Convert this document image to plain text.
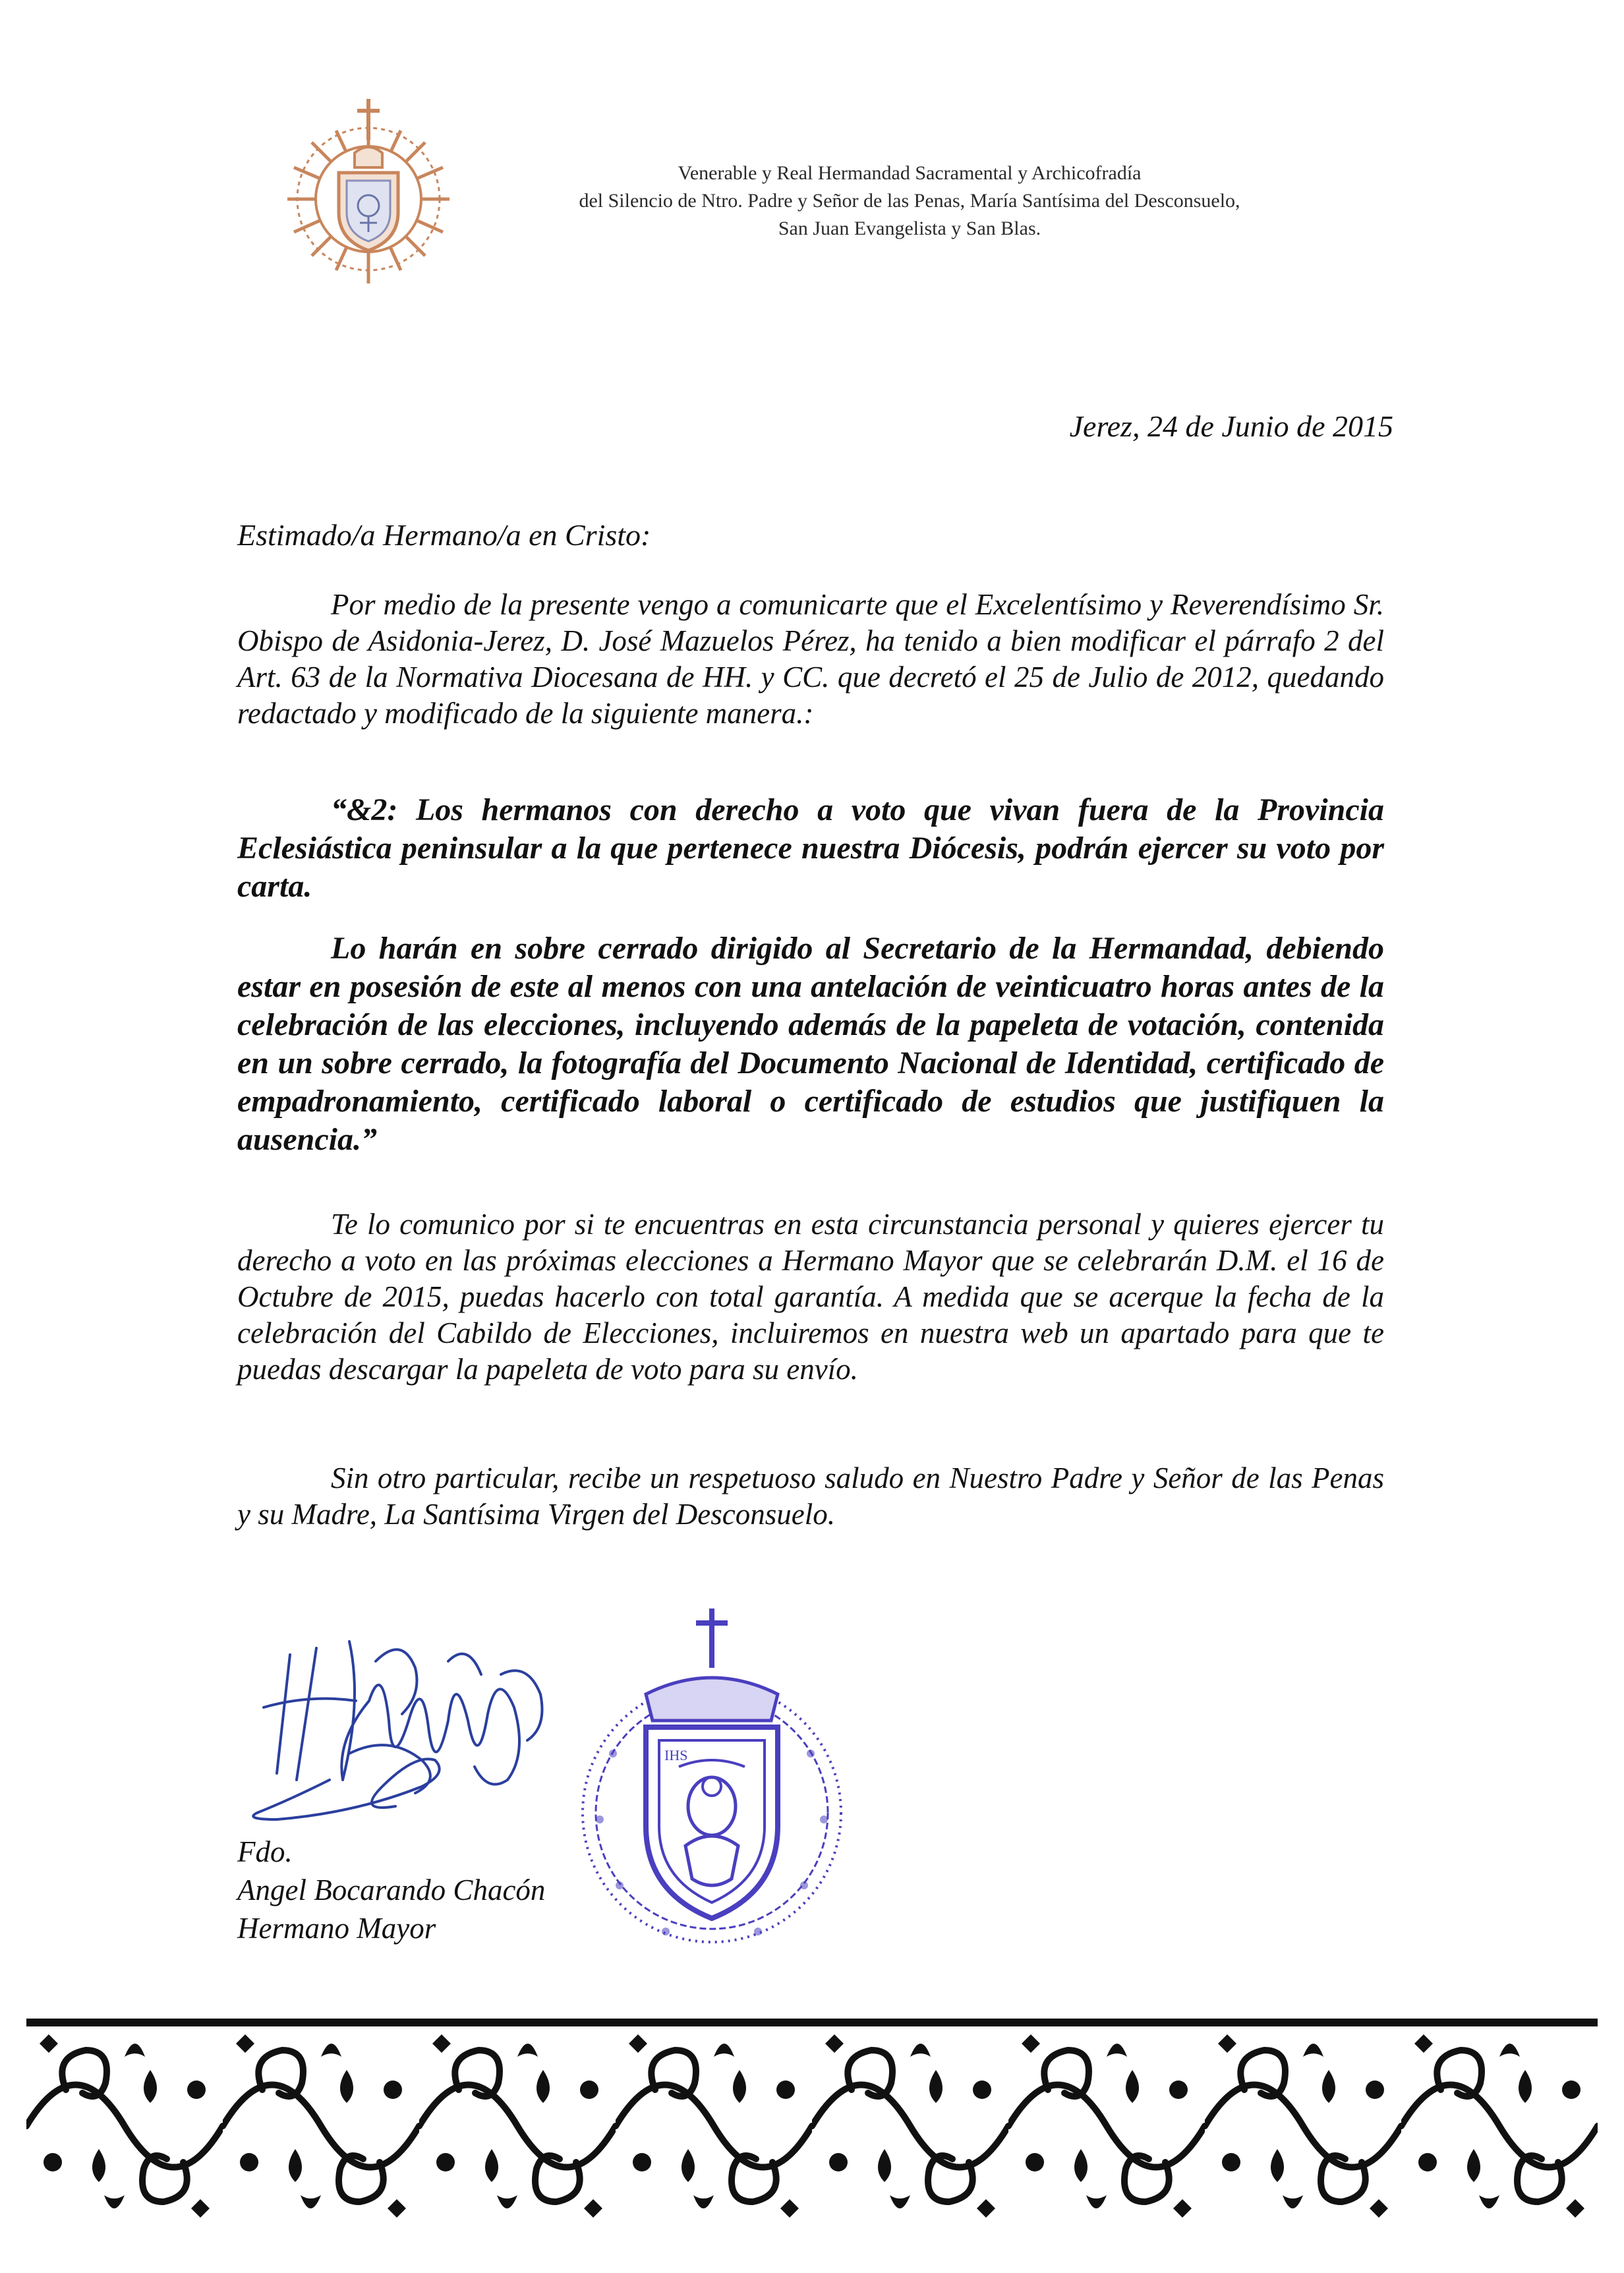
Venerable y Real Hermandad Sacramental y Archicofradía
del Silencio de Ntro. Padre y Señor de las Penas, María Santísima del Desconsuelo,
San Juan Evangelista y San Blas.
Jerez, 24 de Junio de 2015
Estimado/a Hermano/a en Cristo:
Por medio de la presente vengo a comunicarte que el Excelentísimo y Reverendísimo Sr. Obispo de Asidonia-Jerez, D. José Mazuelos Pérez, ha tenido a bien modificar el párrafo 2 del Art. 63 de la Normativa Diocesana de HH. y CC. que decretó el 25 de Julio de 2012, quedando redactado y modificado de la siguiente manera.:
“&2: Los hermanos con derecho a voto que vivan fuera de la Provincia Eclesiástica peninsular a la que pertenece nuestra Diócesis, podrán ejercer su voto por carta.
Lo harán en sobre cerrado dirigido al Secretario de la Hermandad, debiendo estar en posesión de este al menos con una antelación de veinticuatro horas antes de la celebración de las elecciones, incluyendo además de la papeleta de votación, contenida en un sobre cerrado, la fotografía del Documento Nacional de Identidad, certificado de empadronamiento, certificado laboral o certificado de estudios que justifiquen la ausencia.”
Te lo comunico por si te encuentras en esta circunstancia personal y quieres ejercer tu derecho a voto en las próximas elecciones a Hermano Mayor que se celebrarán D.M. el 16 de Octubre de 2015, puedas hacerlo con total garantía. A medida que se acerque la fecha de la celebración del Cabildo de Elecciones, incluiremos en nuestra web un apartado para que te puedas descargar la papeleta de voto para su envío.
Sin otro particular, recibe un respetuoso saludo en Nuestro Padre y Señor de las Penas y su Madre, La Santísima Virgen del Desconsuelo.
IHS
Fdo.
Angel Bocarando Chacón
Hermano Mayor
